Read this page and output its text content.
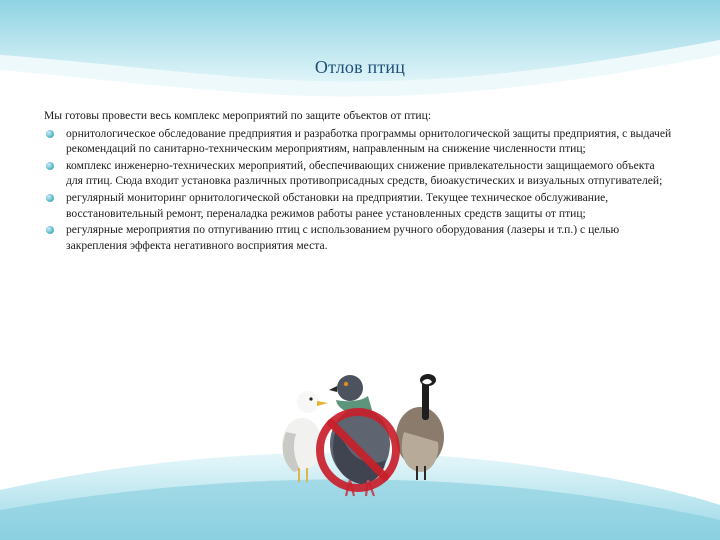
Отлов птиц

Мы готовы провести весь комплекс мероприятий по защите объектов от птиц:

орнитологическое обследование предприятия и разработка программы орнитологической защиты предприятия, с выдачей рекомендаций по санитарно-техническим мероприятиям, направленным на снижение численности птиц;
комплекс инженерно-технических мероприятий, обеспечивающих снижение привлекательности защищаемого объекта для птиц. Сюда входит установка различных противоприсадных средств, биоакустических и визуальных отпугивателей;
регулярный мониторинг орнитологической обстановки на предприятии. Текущее техническое обслуживание, восстановительный ремонт, переналадка режимов работы ранее установленных средств защиты от птиц;
регулярные мероприятия по отпугиванию птиц с использованием ручного оборудования (лазеры и т.п.) с целью закрепления эффекта негативного восприятия места.
